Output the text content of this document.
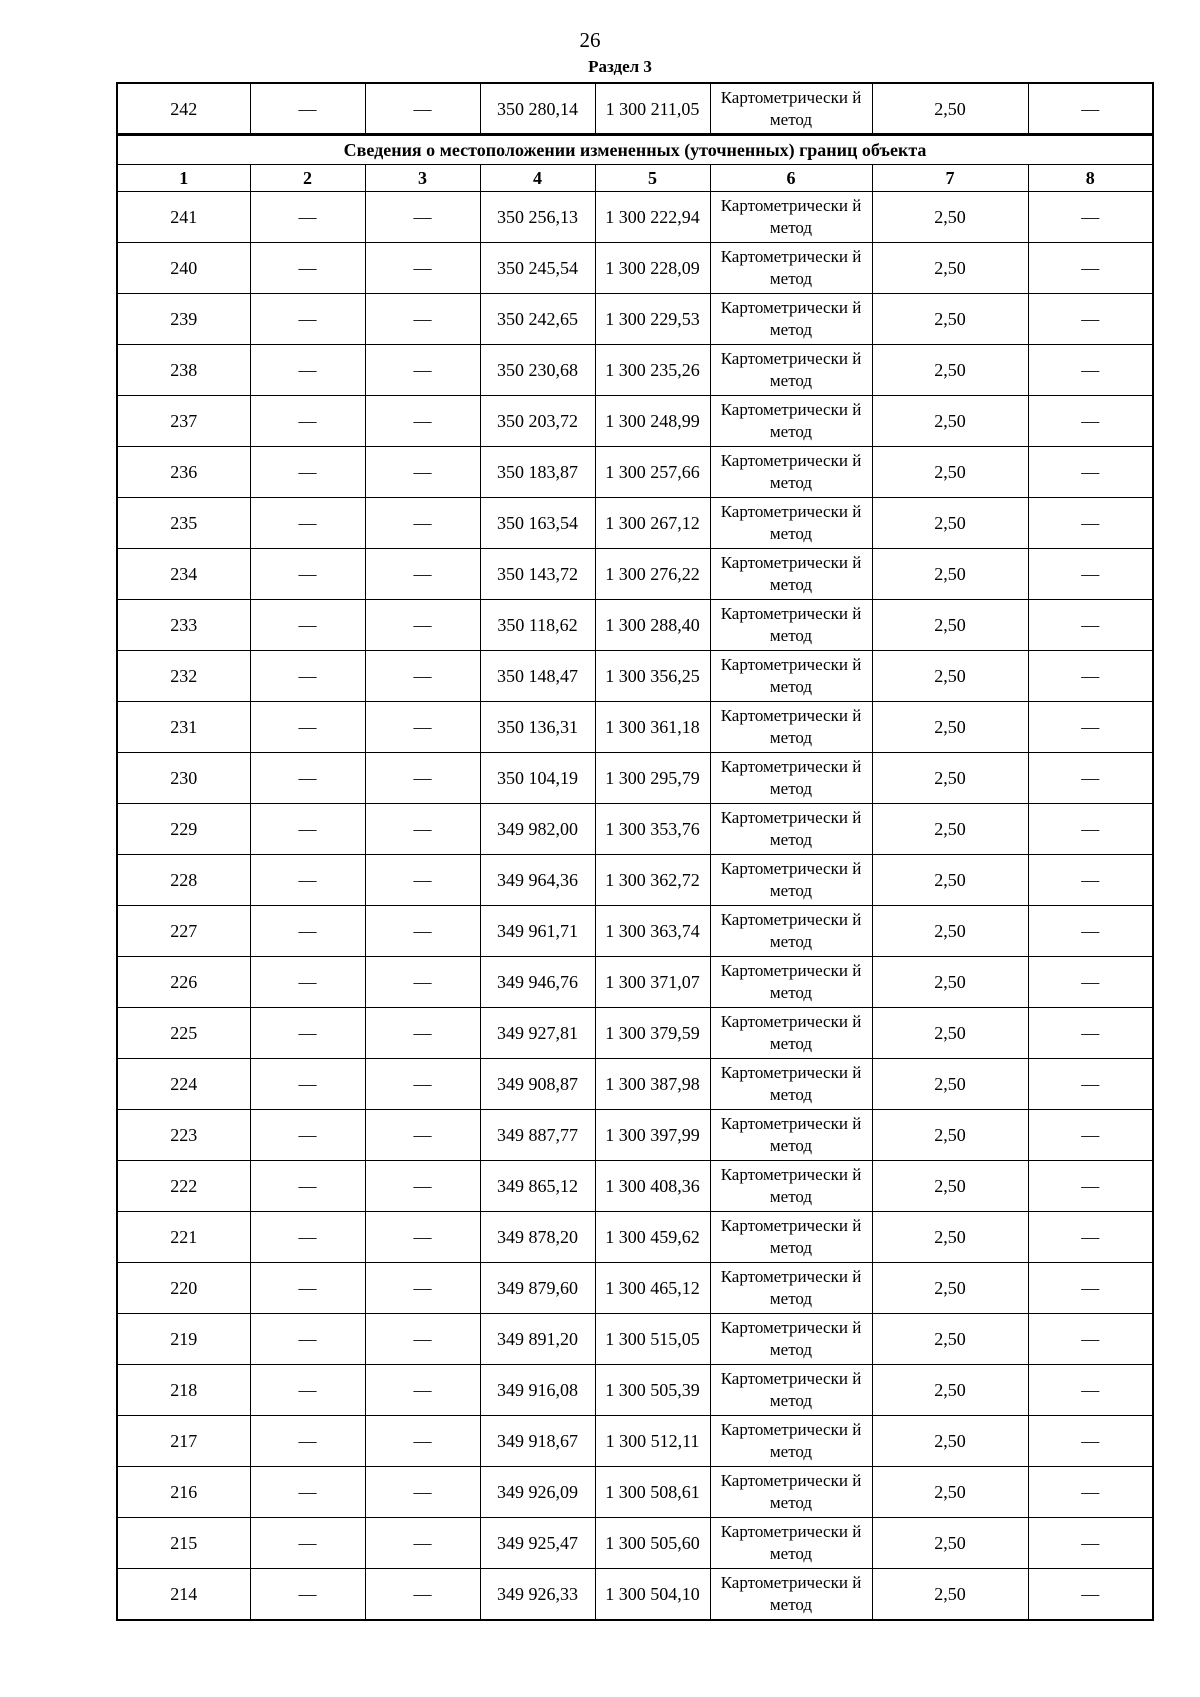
26
Раздел 3
242	—	—	350 280,14	1 300 211,05	Картометрически й метод	2,50	—
Сведения о местоположении измененных (уточненных) границ объекта							
1	2	3	4	5	6	7	8
241	—	—	350 256,13	1 300 222,94	Картометрически й метод	2,50	—
240	—	—	350 245,54	1 300 228,09	Картометрически й метод	2,50	—
239	—	—	350 242,65	1 300 229,53	Картометрически й метод	2,50	—
238	—	—	350 230,68	1 300 235,26	Картометрически й метод	2,50	—
237	—	—	350 203,72	1 300 248,99	Картометрически й метод	2,50	—
236	—	—	350 183,87	1 300 257,66	Картометрически й метод	2,50	—
235	—	—	350 163,54	1 300 267,12	Картометрически й метод	2,50	—
234	—	—	350 143,72	1 300 276,22	Картометрически й метод	2,50	—
233	—	—	350 118,62	1 300 288,40	Картометрически й метод	2,50	—
232	—	—	350 148,47	1 300 356,25	Картометрически й метод	2,50	—
231	—	—	350 136,31	1 300 361,18	Картометрически й метод	2,50	—
230	—	—	350 104,19	1 300 295,79	Картометрически й метод	2,50	—
229	—	—	349 982,00	1 300 353,76	Картометрически й метод	2,50	—
228	—	—	349 964,36	1 300 362,72	Картометрически й метод	2,50	—
227	—	—	349 961,71	1 300 363,74	Картометрически й метод	2,50	—
226	—	—	349 946,76	1 300 371,07	Картометрически й метод	2,50	—
225	—	—	349 927,81	1 300 379,59	Картометрически й метод	2,50	—
224	—	—	349 908,87	1 300 387,98	Картометрически й метод	2,50	—
223	—	—	349 887,77	1 300 397,99	Картометрически й метод	2,50	—
222	—	—	349 865,12	1 300 408,36	Картометрически й метод	2,50	—
221	—	—	349 878,20	1 300 459,62	Картометрически й метод	2,50	—
220	—	—	349 879,60	1 300 465,12	Картометрически й метод	2,50	—
219	—	—	349 891,20	1 300 515,05	Картометрически й метод	2,50	—
218	—	—	349 916,08	1 300 505,39	Картометрически й метод	2,50	—
217	—	—	349 918,67	1 300 512,11	Картометрически й метод	2,50	—
216	—	—	349 926,09	1 300 508,61	Картометрически й метод	2,50	—
215	—	—	349 925,47	1 300 505,60	Картометрически й метод	2,50	—
214	—	—	349 926,33	1 300 504,10	Картометрически й метод	2,50	—
